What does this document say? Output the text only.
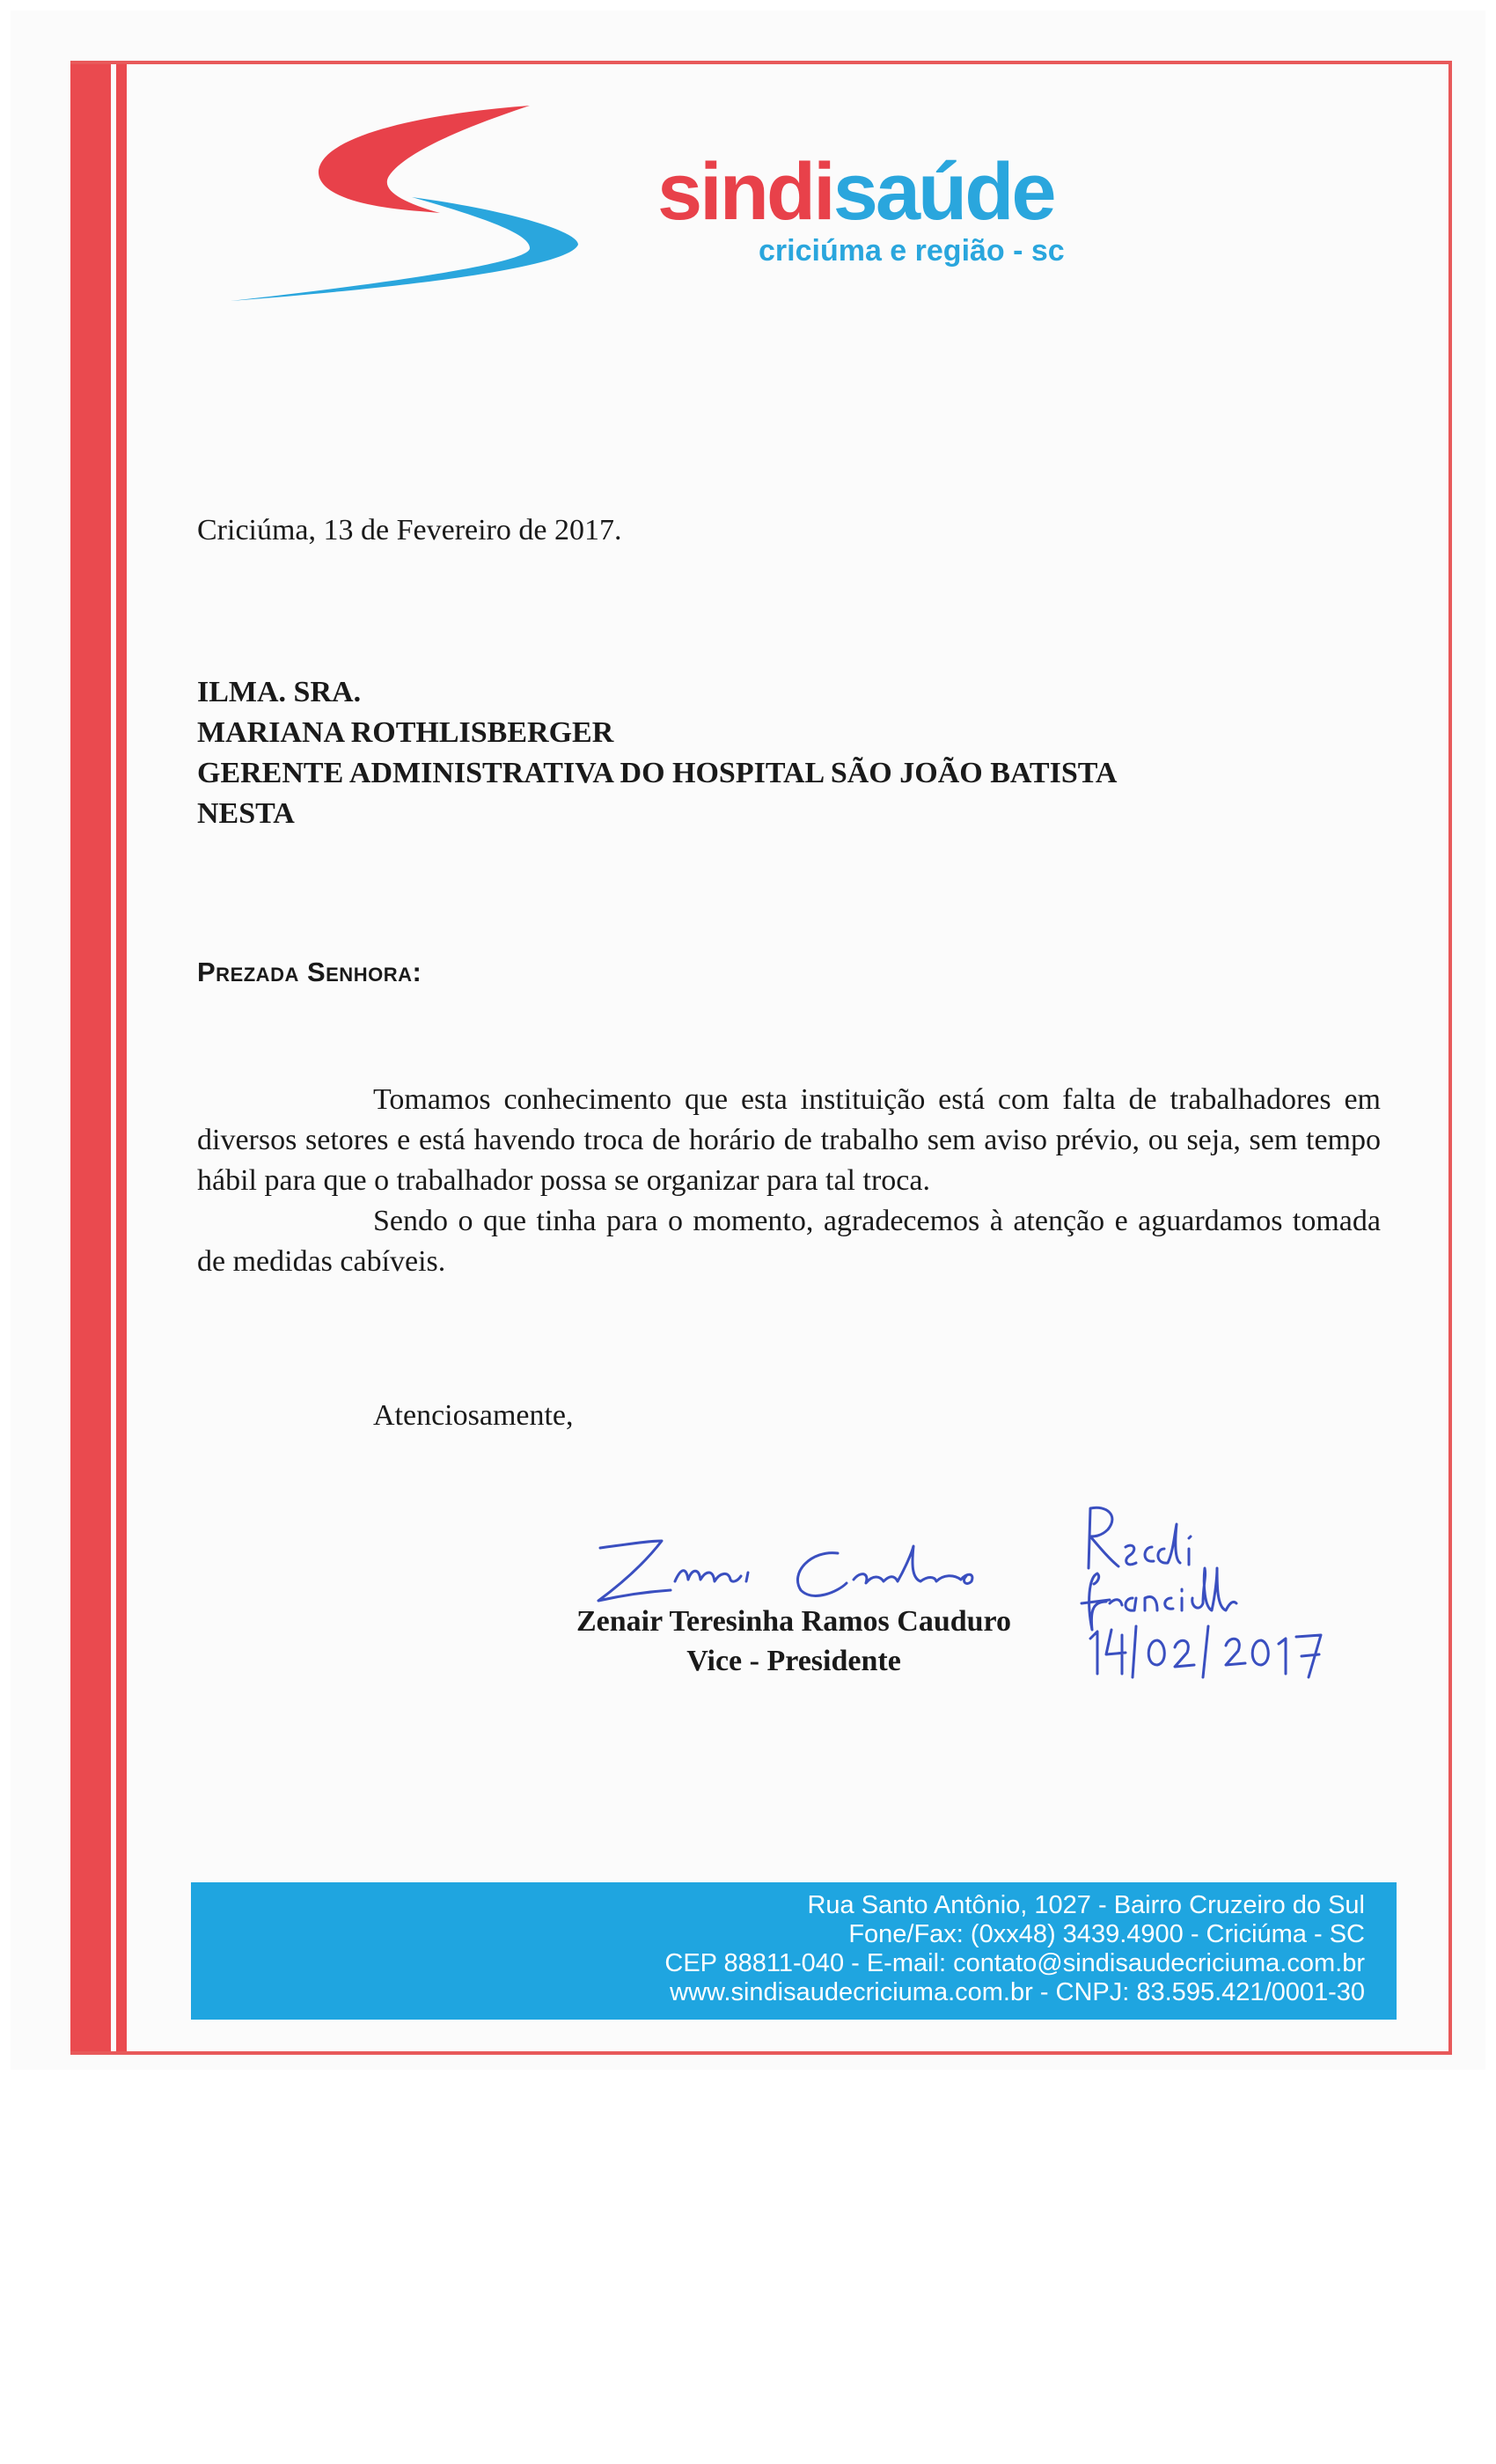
sindisaúde

criciúma e região - sc

Criciúma, 13 de Fevereiro de 2017.

ILMA. SRA.
MARIANA ROTHLISBERGER
GERENTE ADMINISTRATIVA DO HOSPITAL SÃO JOÃO BATISTA
NESTA

Prezada Senhora:

Tomamos conhecimento que esta instituição está com falta de trabalhadores em diversos setores e está havendo troca de horário de trabalho sem aviso prévio, ou seja, sem tempo hábil para que o trabalhador possa se organizar para tal troca.

Sendo o que tinha para o momento, agradecemos à atenção e aguardamos tomada de medidas cabíveis.

Atenciosamente,

Zenair Teresinha Ramos Cauduro
Vice - Presidente
Rua Santo Antônio, 1027 - Bairro Cruzeiro do Sul
Fone/Fax: (0xx48) 3439.4900 - Criciúma - SC
CEP 88811-040 - E-mail: contato@sindisaudecriciuma.com.br
www.sindisaudecriciuma.com.br - CNPJ: 83.595.421/0001-30
